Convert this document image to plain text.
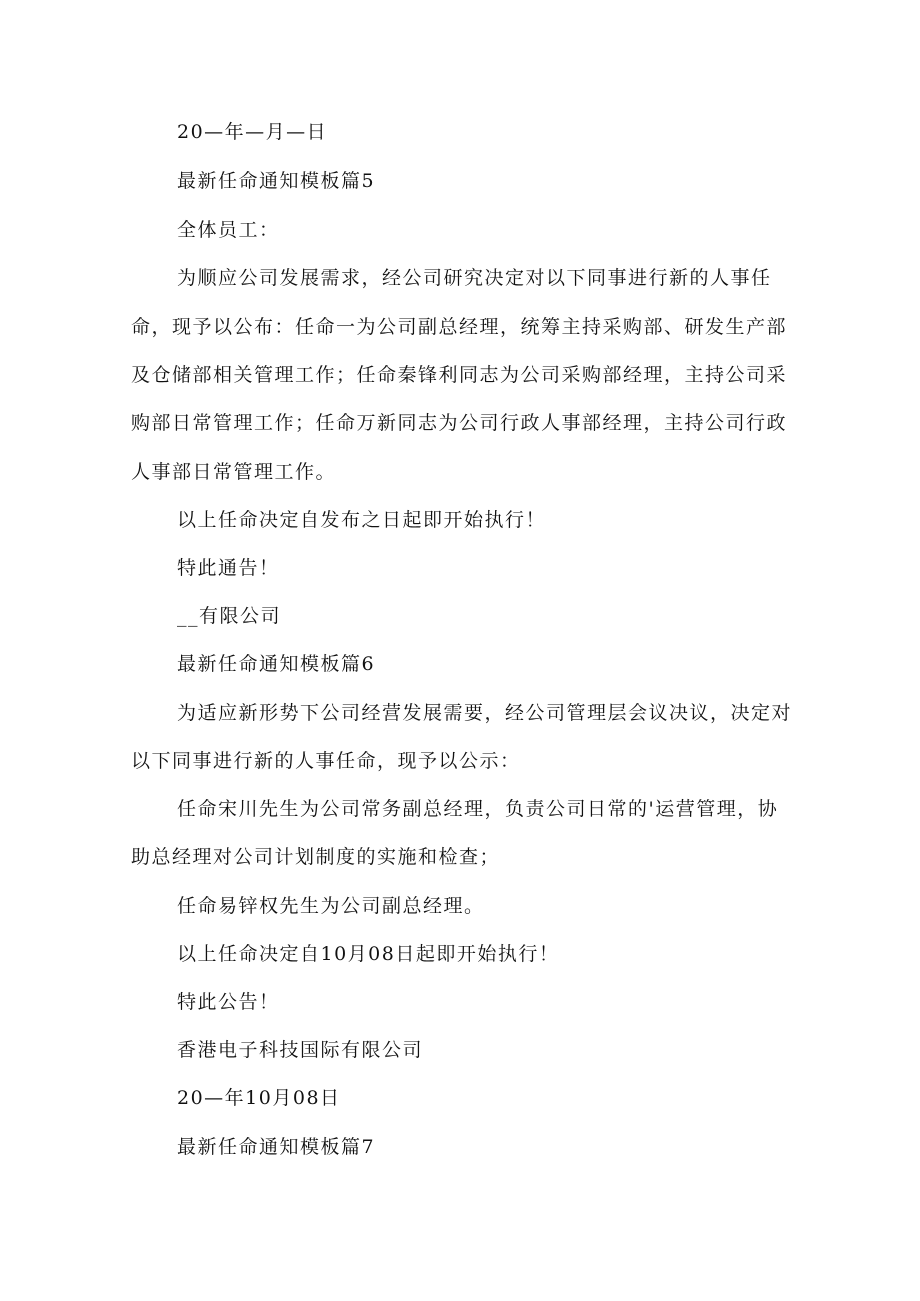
20—年—月—日
最新任命通知模板篇5
全体员工：
为顺应公司发展需求，经公司研究决定对以下同事进行新的人事任
命，现予以公布：任命一为公司副总经理，统筹主持采购部、研发生产部
及仓储部相关管理工作；任命秦锋利同志为公司采购部经理，主持公司采
购部日常管理工作；任命万新同志为公司行政人事部经理，主持公司行政
人事部日常管理工作。
以上任命决定自发布之日起即开始执行！
特此通告！
__有限公司
最新任命通知模板篇6
为适应新形势下公司经营发展需要，经公司管理层会议决议，决定对
以下同事进行新的人事任命，现予以公示：
任命宋川先生为公司常务副总经理，负责公司日常的'运营管理，协
助总经理对公司计划制度的实施和检查；
任命易锌权先生为公司副总经理。
以上任命决定自10月08日起即开始执行！
特此公告！
香港电子科技国际有限公司
20—年10月08日
最新任命通知模板篇7
